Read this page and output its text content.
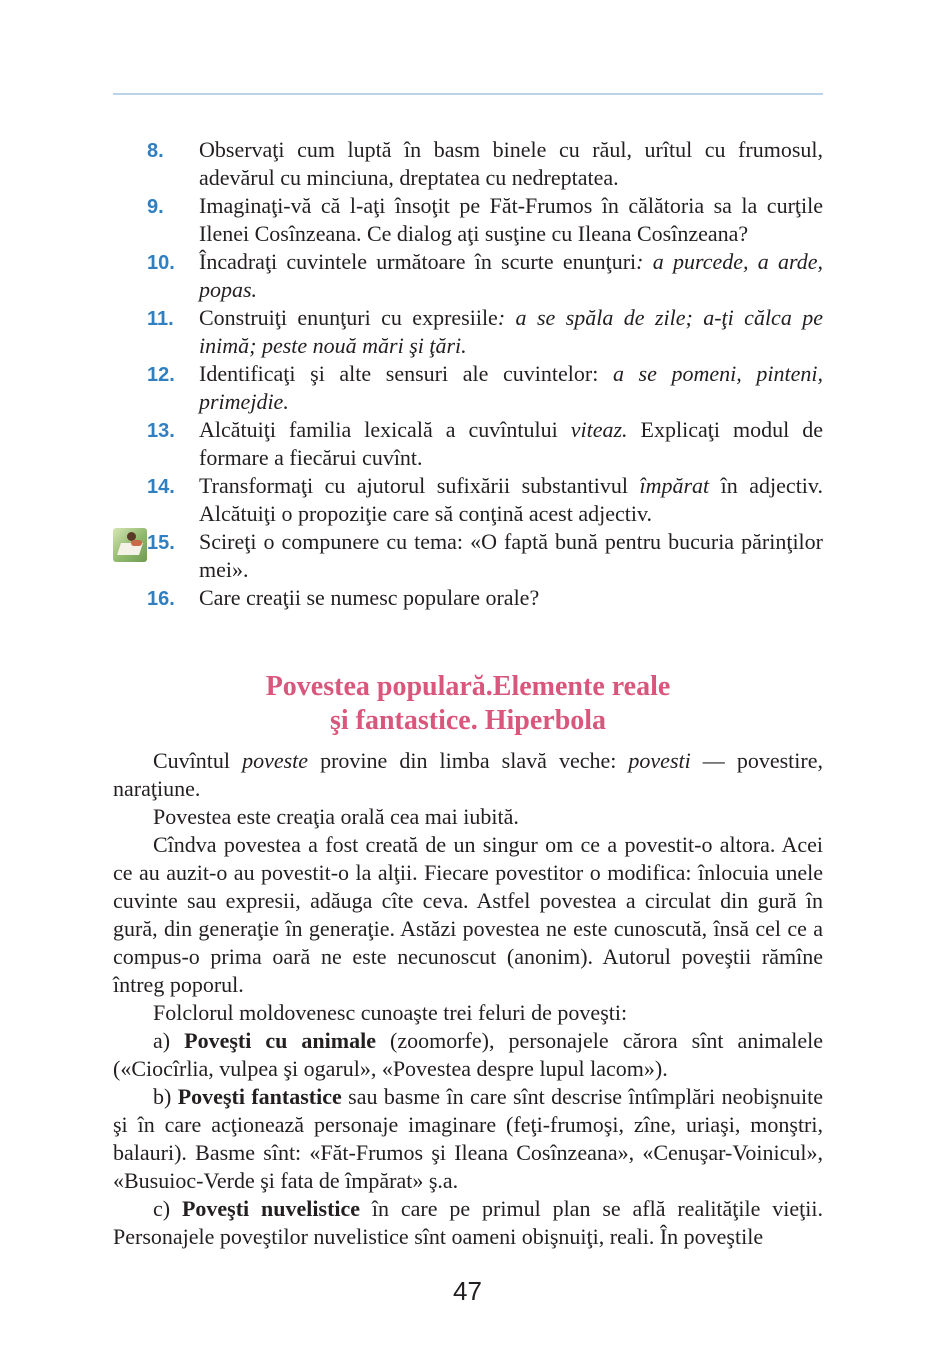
8. Observaţi cum luptă în basm binele cu răul, urîtul cu frumosul, adevărul cu minciuna, dreptatea cu nedreptatea.
9. Imaginaţi-vă că l-aţi însoţit pe Făt-Frumos în călătoria sa la curţile Ilenei Cosînzeana. Ce dialog aţi susţine cu Ileana Cosînzeana?
10. Încadraţi cuvintele următoare în scurte enunţuri: a purcede, a arde, popas.
11. Construiţi enunţuri cu expresiile: a se spăla de zile; a-ţi călca pe inimă; peste nouă mări şi ţări.
12. Identificaţi şi alte sensuri ale cuvintelor: a se pomeni, pinteni, primejdie.
13. Alcătuiţi familia lexicală a cuvîntului viteaz. Explicaţi modul de formare a fiecărui cuvînt.
14. Transformaţi cu ajutorul sufixării substantivul împărat în adjectiv. Alcătuiţi o propoziţie care să conţină acest adjectiv.
15. Scireţi o compunere cu tema: «O faptă bună pentru bucuria părinţilor mei».
16. Care creaţii se numesc populare orale?
Povestea populară.Elemente reale
şi fantastice. Hiperbola

Cuvîntul poveste provine din limba slavă veche: povesti — povestire, naraţiune.

Povestea este creaţia orală cea mai iubită.

Cîndva povestea a fost creată de un singur om ce a povestit-o altora. Acei ce au auzit-o au povestit-o la alţii. Fiecare povestitor o modifica: înlocuia unele cuvinte sau expresii, adăuga cîte ceva. Astfel povestea a circulat din gură în gură, din generaţie în generaţie. Astăzi povestea ne este cunoscută, însă cel ce a compus-o prima oară ne este necunoscut (anonim). Autorul poveştii rămîne întreg poporul.

Folclorul moldovenesc cunoaşte trei feluri de poveşti:

a) Poveşti cu animale (zoomorfe), personajele cărora sînt animalele («Ciocîrlia, vulpea şi ogarul», «Povestea despre lupul lacom»).

b) Poveşti fantastice sau basme în care sînt descrise întîmplări neobişnuite şi în care acţionează personaje imaginare (feţi-frumoşi, zîne, uriaşi, monştri, balauri). Basme sînt: «Făt-Frumos şi Ileana Cosînzeana», «Cenuşar-Voinicul», «Busuioc-Verde şi fata de împărat» ş.a.

c) Poveşti nuvelistice în care pe primul plan se află realităţile vieţii. Personajele poveştilor nuvelistice sînt oameni obişnuiţi, reali. În poveştile

47
